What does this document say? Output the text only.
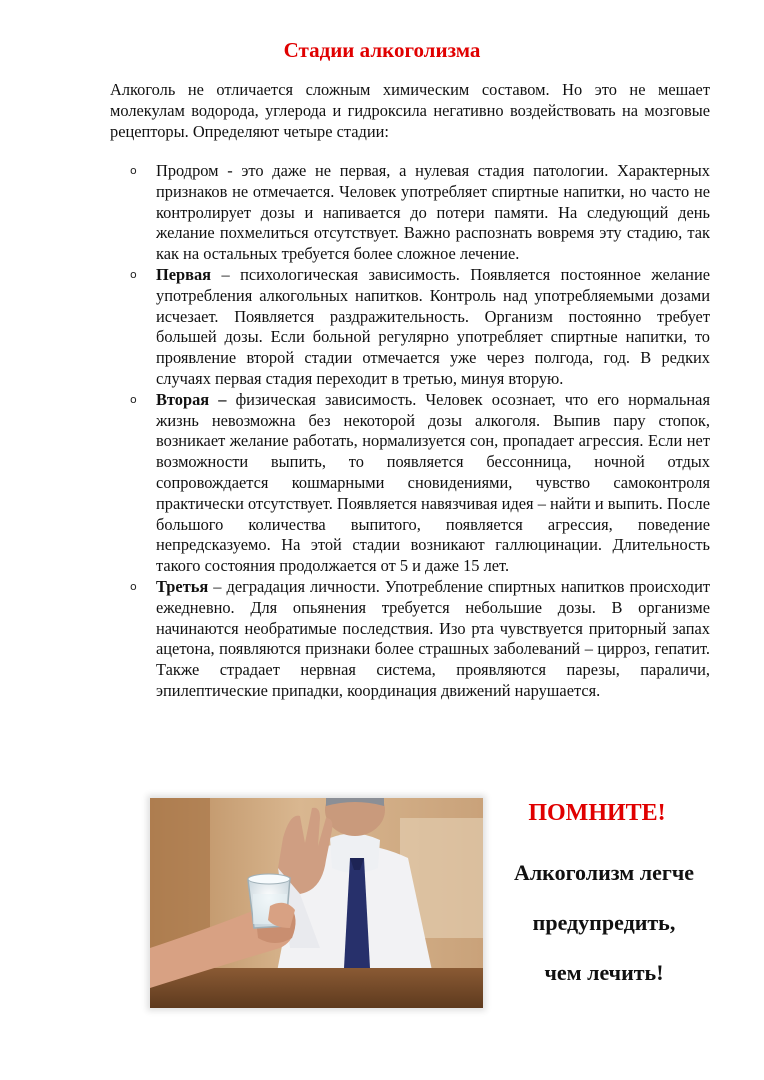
Стадии алкоголизма

Алкоголь не отличается сложным химическим составом. Но это не мешает молекулам водорода, углерода и гидроксила негативно воздействовать на мозговые рецепторы. Определяют четыре стадии:

o Продром - это даже не первая, а нулевая стадия патологии. Характерных признаков не отмечается. Человек употребляет спиртные напитки, но часто не контролирует дозы и напивается до потери памяти. На следующий день желание похмелиться отсутствует. Важно распознать вовремя эту стадию, так как на остальных требуется более сложное лечение.
o Первая – психологическая зависимость. Появляется постоянное желание употребления алкогольных напитков. Контроль над употребляемыми дозами исчезает. Появляется раздражительность. Организм постоянно требует большей дозы. Если больной регулярно употребляет спиртные напитки, то проявление второй стадии отмечается уже через полгода, год. В редких случаях первая стадия переходит в третью, минуя вторую.
o Вторая – физическая зависимость. Человек осознает, что его нормальная жизнь невозможна без некоторой дозы алкоголя. Выпив пару стопок, возникает желание работать, нормализуется сон, пропадает агрессия. Если нет возможности выпить, то появляется бессонница, ночной отдых сопровождается кошмарными сновидениями, чувство самоконтроля практически отсутствует. Появляется навязчивая идея – найти и выпить. После большого количества выпитого, появляется агрессия, поведение непредсказуемо. На этой стадии возникают галлюцинации. Длительность такого состояния продолжается от 5 и даже 15 лет.
o Третья – деградация личности. Употребление спиртных напитков происходит ежедневно. Для опьянения требуется небольшие дозы. В организме начинаются необратимые последствия. Изо рта чувствуется приторный запах ацетона, появляются признаки более страшных заболеваний – цирроз, гепатит. Также страдает нервная система, проявляются парезы, параличи, эпилептические припадки, координация движений нарушается.
ПОМНИТЕ!
Алкоголизм легче
предупредить,
чем лечить!
